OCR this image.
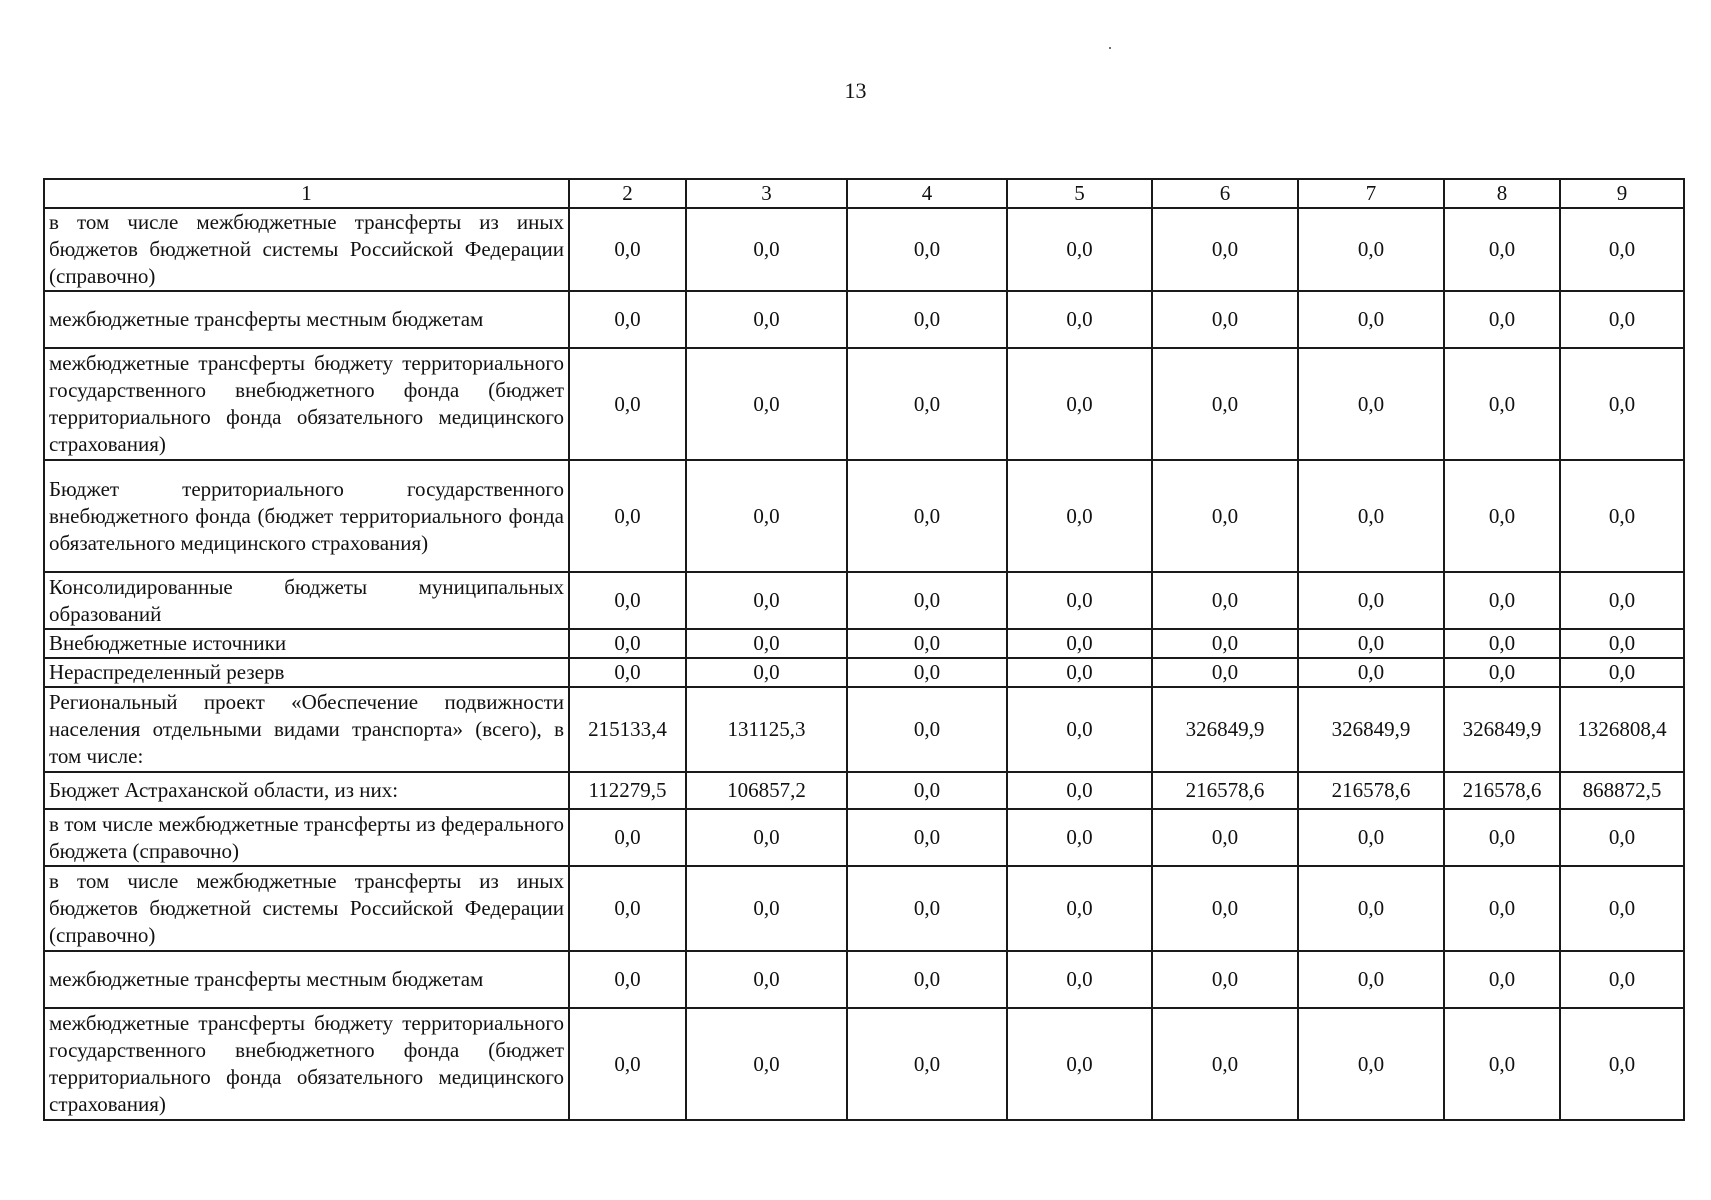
13
1	2	3	4	5	6	7	8	9
в том числе межбюджетные трансферты из иных бюджетов бюджетной системы Российской Федерации (справочно)	0,0	0,0	0,0	0,0	0,0	0,0	0,0	0,0
межбюджетные трансферты местным бюджетам	0,0	0,0	0,0	0,0	0,0	0,0	0,0	0,0
межбюджетные трансферты бюджету территориального государственного внебюджетного фонда (бюджет территориального фонда обязательного медицинского страхования)	0,0	0,0	0,0	0,0	0,0	0,0	0,0	0,0
Бюджет территориального государственного внебюджетного фонда (бюджет территориального фонда обязательного медицинского страхования)	0,0	0,0	0,0	0,0	0,0	0,0	0,0	0,0
Консолидированные бюджеты муниципальных образований	0,0	0,0	0,0	0,0	0,0	0,0	0,0	0,0
Внебюджетные источники	0,0	0,0	0,0	0,0	0,0	0,0	0,0	0,0
Нераспределенный резерв	0,0	0,0	0,0	0,0	0,0	0,0	0,0	0,0
Региональный проект «Обеспечение подвижности населения отдельными видами транспорта» (всего), в том числе:	215133,4	131125,3	0,0	0,0	326849,9	326849,9	326849,9	1326808,4
Бюджет Астраханской области, из них:	112279,5	106857,2	0,0	0,0	216578,6	216578,6	216578,6	868872,5
в том числе межбюджетные трансферты из федерального бюджета (справочно)	0,0	0,0	0,0	0,0	0,0	0,0	0,0	0,0
в том числе межбюджетные трансферты из иных бюджетов бюджетной системы Российской Федерации (справочно)	0,0	0,0	0,0	0,0	0,0	0,0	0,0	0,0
межбюджетные трансферты местным бюджетам	0,0	0,0	0,0	0,0	0,0	0,0	0,0	0,0
межбюджетные трансферты бюджету территориального государственного внебюджетного фонда (бюджет территориального фонда обязательного медицинского страхования)	0,0	0,0	0,0	0,0	0,0	0,0	0,0	0,0
